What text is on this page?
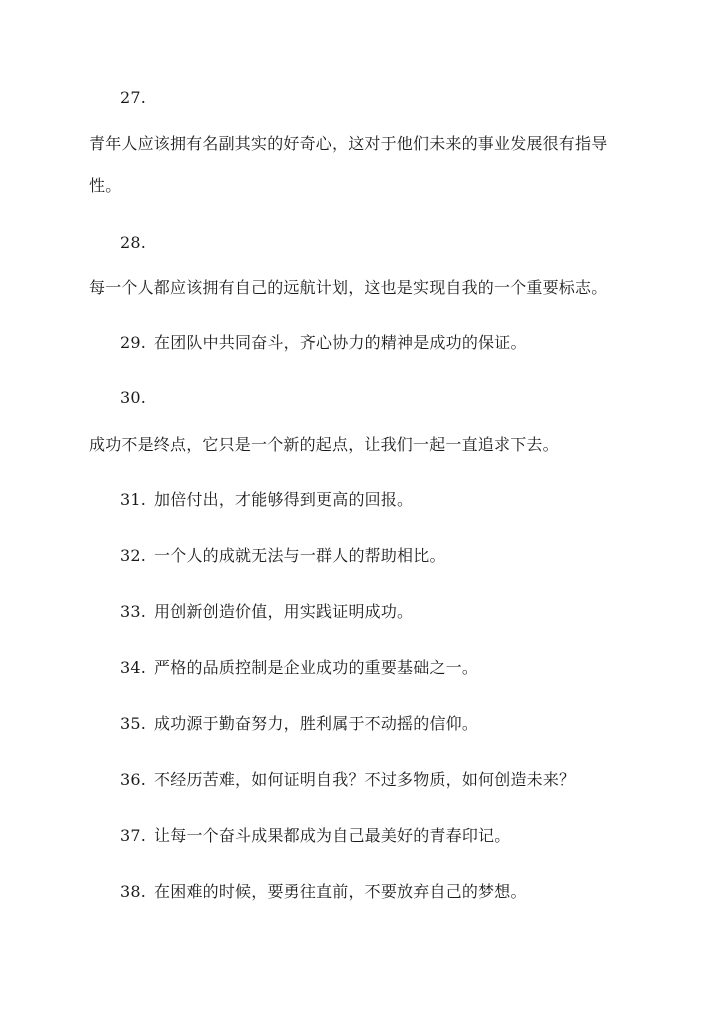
27.
青年人应该拥有名副其实的好奇心，这对于他们未来的事业发展很有指导
性。
28.
每一个人都应该拥有自己的远航计划，这也是实现自我的一个重要标志。
29. 在团队中共同奋斗，齐心协力的精神是成功的保证。
30.
成功不是终点，它只是一个新的起点，让我们一起一直追求下去。
31. 加倍付出，才能够得到更高的回报。
32. 一个人的成就无法与一群人的帮助相比。
33. 用创新创造价值，用实践证明成功。
34. 严格的品质控制是企业成功的重要基础之一。
35. 成功源于勤奋努力，胜利属于不动摇的信仰。
36. 不经历苦难，如何证明自我？不过多物质，如何创造未来？
37. 让每一个奋斗成果都成为自己最美好的青春印记。
38. 在困难的时候，要勇往直前，不要放弃自己的梦想。
